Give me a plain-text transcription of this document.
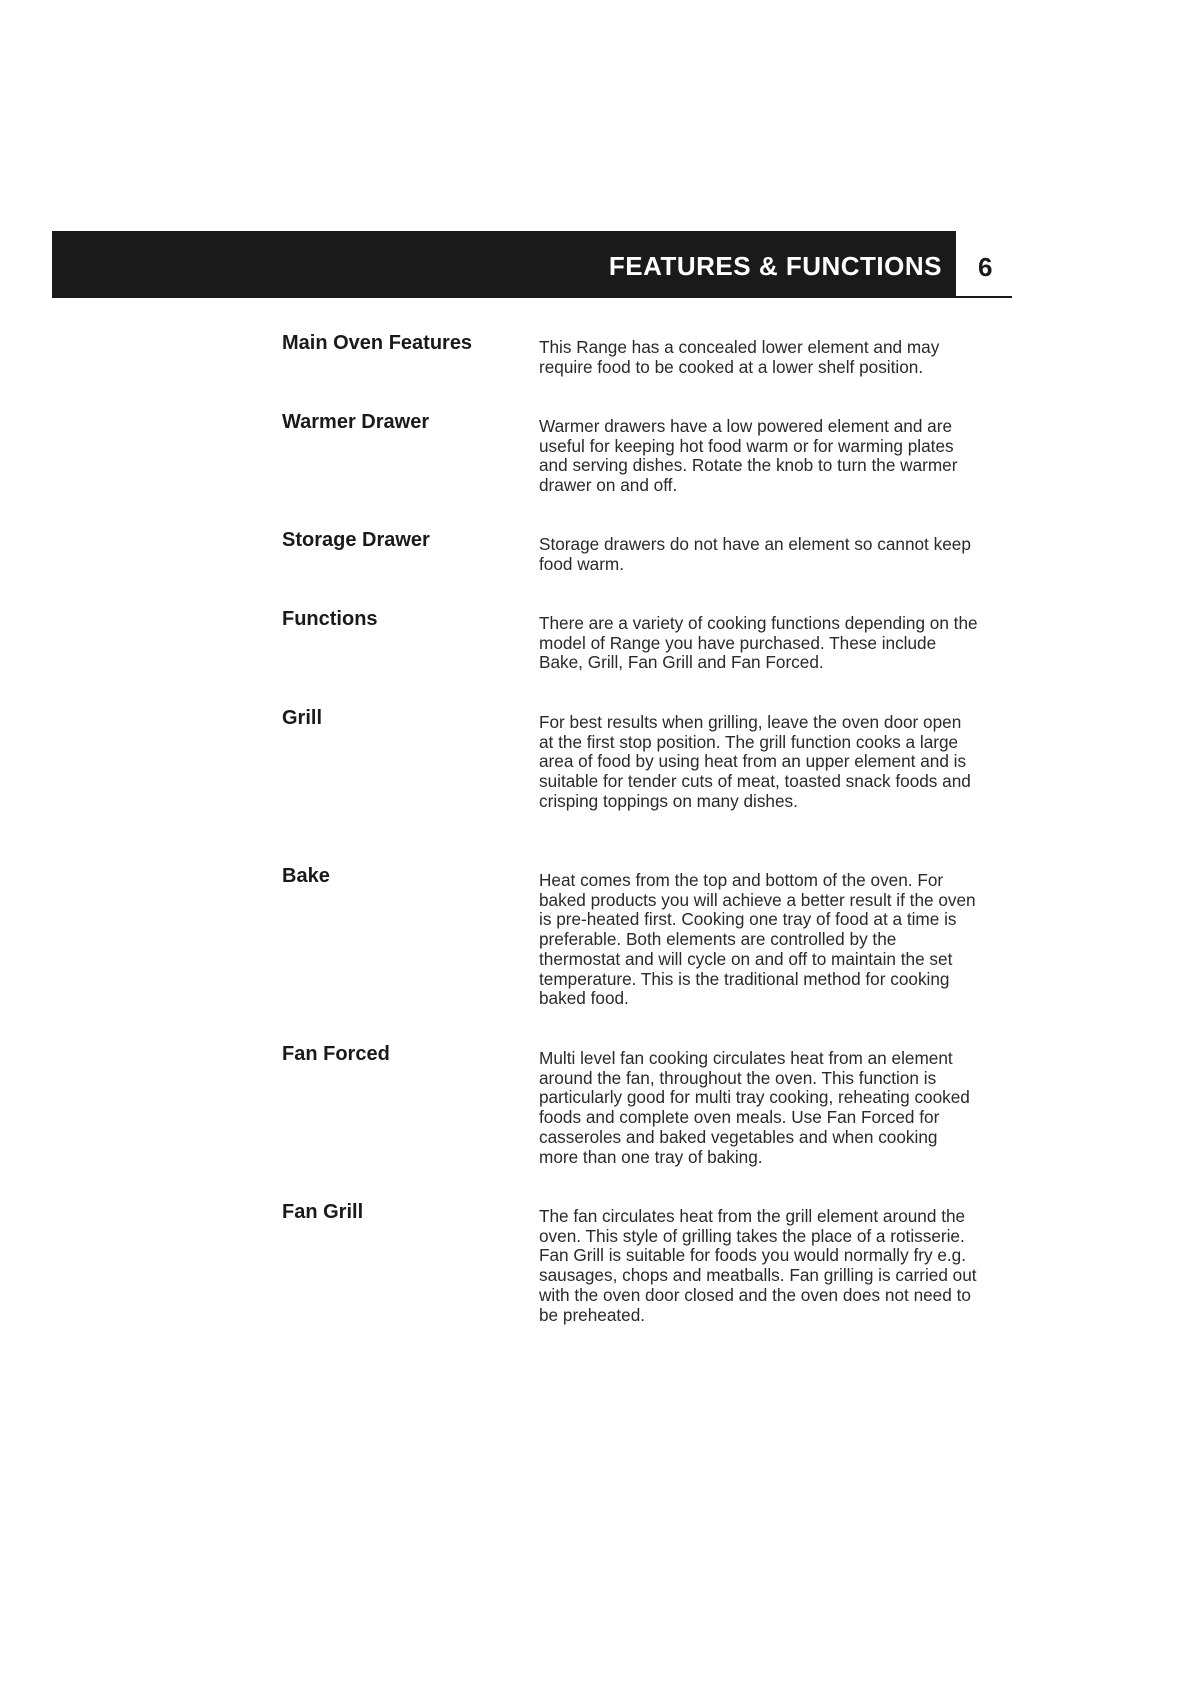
FEATURES & FUNCTIONS 6
Main Oven Features	This Range has a concealed lower element and may require food to be cooked at a lower shelf position.

Warmer Drawer	Warmer drawers have a low powered element and are useful for keeping hot food warm or for warming plates and serving dishes. Rotate the knob to turn the warmer drawer on and off.

Storage Drawer	Storage drawers do not have an element so cannot keep food warm.

Functions	There are a variety of cooking functions depending on the model of Range you have purchased. These include Bake, Grill, Fan Grill and Fan Forced.

Grill	For best results when grilling, leave the oven door open at the first stop position. The grill function cooks a large area of food by using heat from an upper element and is suitable for tender cuts of meat, toasted snack foods and crisping toppings on many dishes.

Bake	Heat comes from the top and bottom of the oven. For baked products you will achieve a better result if the oven is pre-heated first. Cooking one tray of food at a time is preferable. Both elements are controlled by the thermostat and will cycle on and off to maintain the set temperature. This is the traditional method for cooking baked food.

Fan Forced	Multi level fan cooking circulates heat from an element around the fan, throughout the oven. This function is particularly good for multi tray cooking, reheating cooked foods and complete oven meals. Use Fan Forced for casseroles and baked vegetables and when cooking more than one tray of baking.

Fan Grill	The fan circulates heat from the grill element around the oven. This style of grilling takes the place of a rotisserie. Fan Grill is suitable for foods you would normally fry e.g. sausages, chops and meatballs. Fan grilling is carried out with the oven door closed and the oven does not need to be preheated.
